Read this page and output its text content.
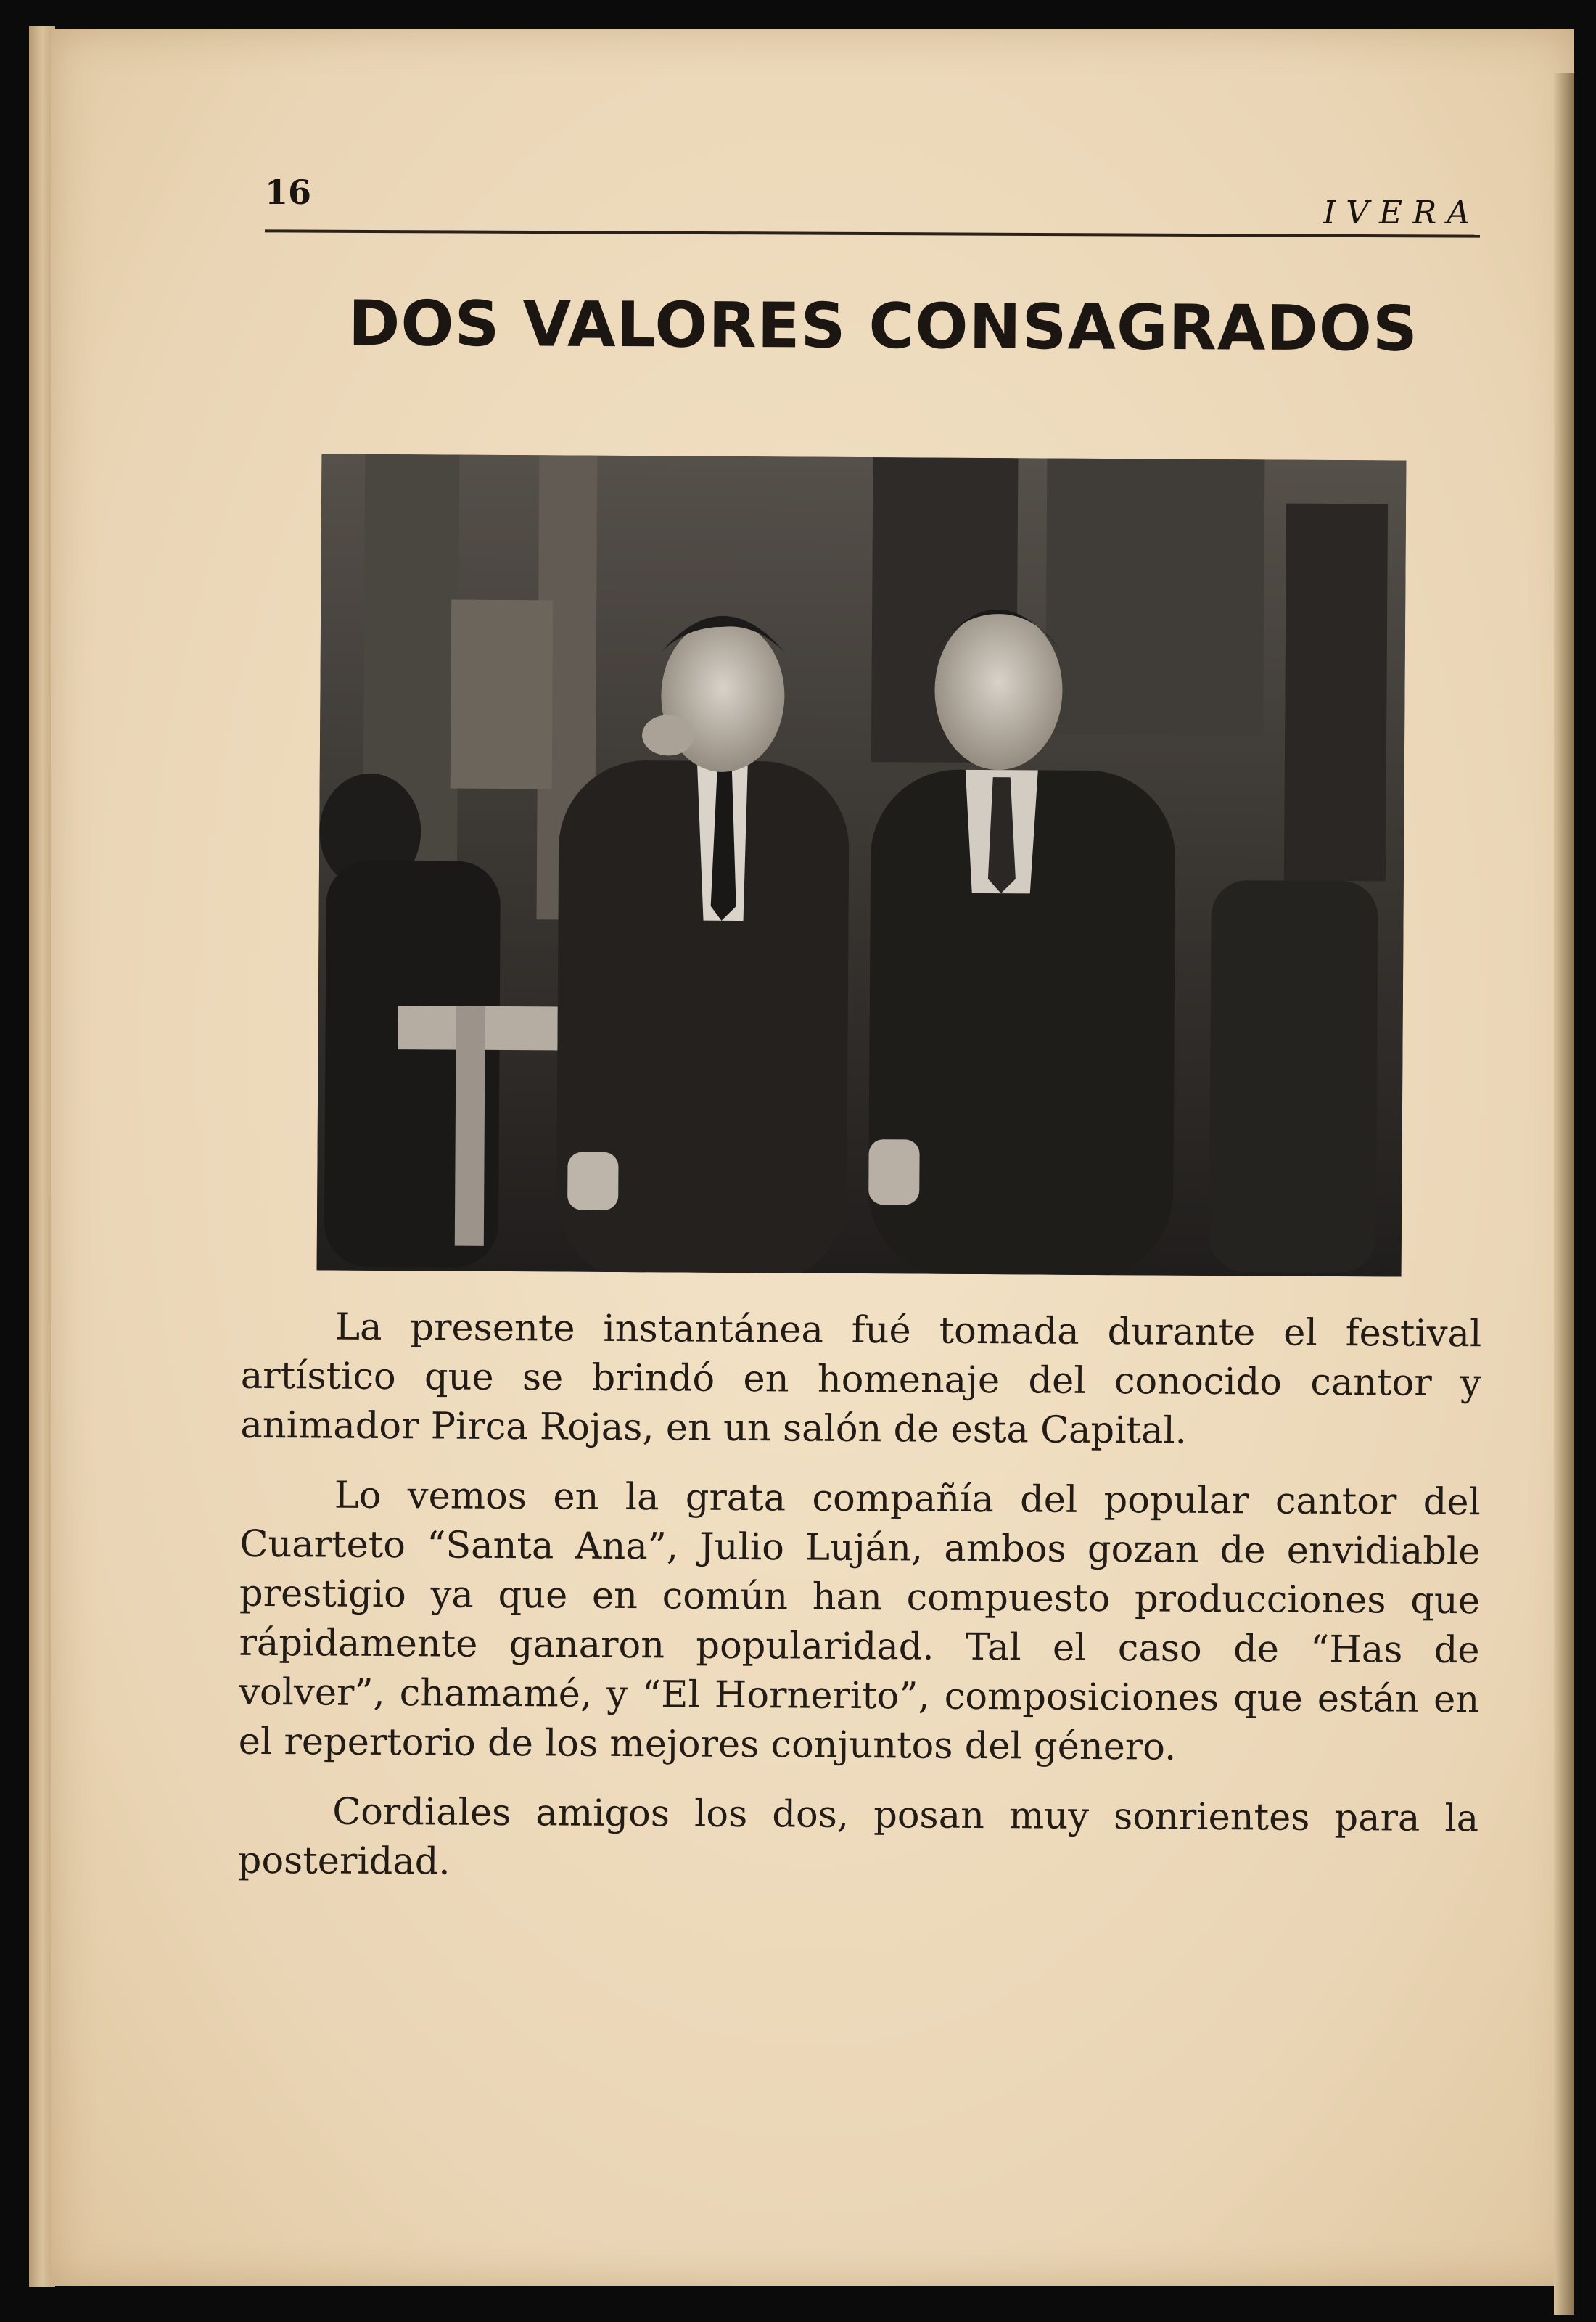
16
IVERA
DOS VALORES CONSAGRADOS

La presente instantánea fué tomada durante el festival artístico que se brindó en homenaje del conocido cantor y animador Pirca Rojas, en un salón de esta Capital.

Lo vemos en la grata compañía del popular cantor del Cuarteto “Santa Ana”, Julio Luján, ambos gozan de envidiable prestigio ya que en común han compuesto producciones que rápidamente ganaron popularidad. Tal el caso de “Has de volver”, chamamé, y “El Hornerito”, composiciones que están en el repertorio de los mejores conjuntos del género.

Cordiales amigos los dos, posan muy sonrientes para la posteridad.
